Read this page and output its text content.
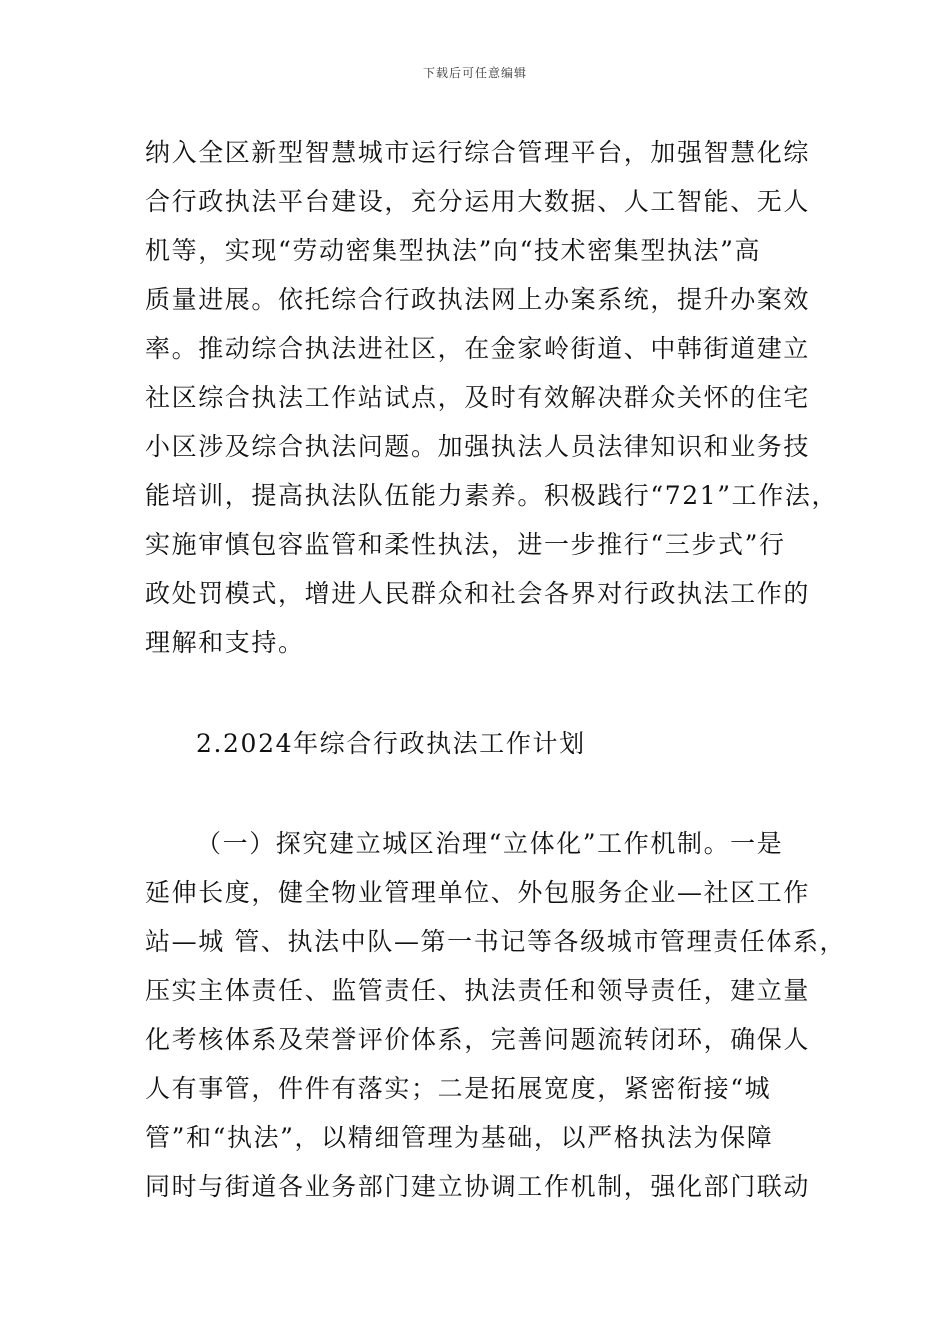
下载后可任意编辑
纳入全区新型智慧城市运行综合管理平台，加强智慧化综
合行政执法平台建设，充分运用大数据、人工智能、无人
机等，实现“劳动密集型执法”向“技术密集型执法”高
质量进展。依托综合行政执法网上办案系统，提升办案效
率。推动综合执法进社区，在金家岭街道、中韩街道建立
社区综合执法工作站试点，及时有效解决群众关怀的住宅
小区涉及综合执法问题。加强执法人员法律知识和业务技
能培训，提高执法队伍能力素养。积极践行“721”工作法，
实施审慎包容监管和柔性执法，进一步推行“三步式”行
政处罚模式，增进人民群众和社会各界对行政执法工作的
理解和支持。
2.2024年综合行政执法工作计划
（一）探究建立城区治理“立体化”工作机制。一是
延伸长度，健全物业管理单位、外包服务企业—社区工作
站—城 管、执法中队—第一书记等各级城市管理责任体系，
压实主体责任、监管责任、执法责任和领导责任，建立量
化考核体系及荣誉评价体系，完善问题流转闭环，确保人
人有事管，件件有落实；二是拓展宽度，紧密衔接“城
管”和“执法”，以精细管理为基础，以严格执法为保障
同时与街道各业务部门建立协调工作机制，强化部门联动
